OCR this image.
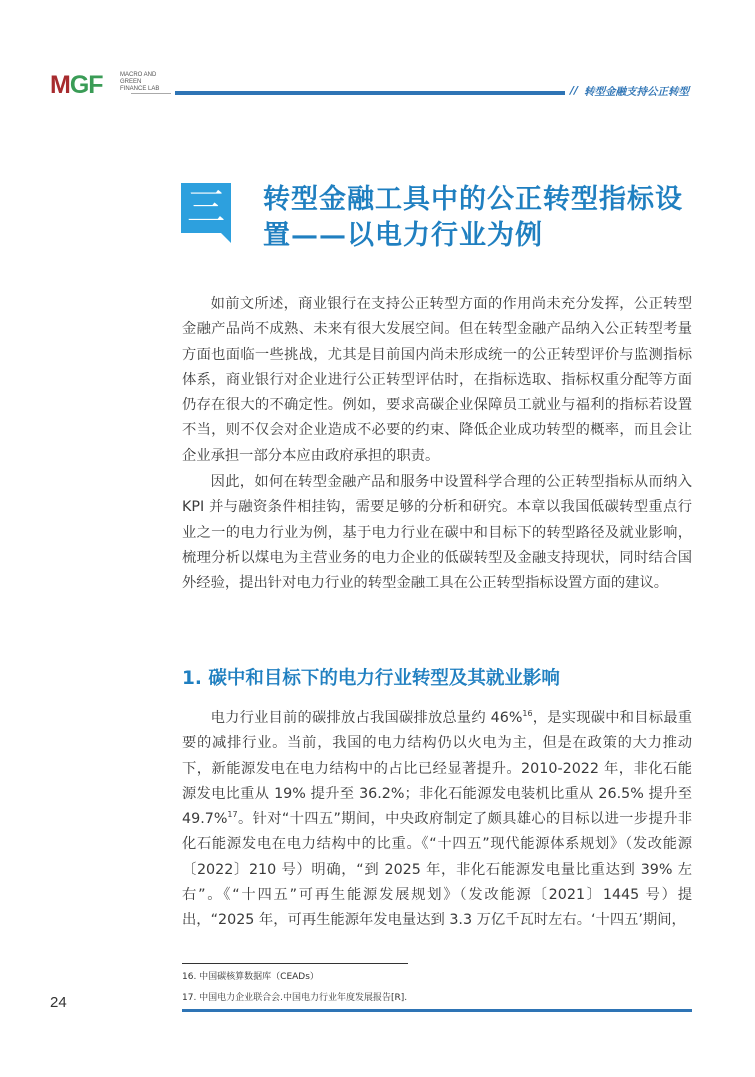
MGF	MACRO AND
GREEN
FINANCE LAB	// 转型金融支持公正转型
三 转型金融工具中的公正转型指标设置——以电力行业为例
如前文所述，商业银行在支持公正转型方面的作用尚未充分发挥，公正转型金融产品尚不成熟、未来有很大发展空间。但在转型金融产品纳入公正转型考量方面也面临一些挑战，尤其是目前国内尚未形成统一的公正转型评价与监测指标体系，商业银行对企业进行公正转型评估时，在指标选取、指标权重分配等方面仍存在很大的不确定性。例如，要求高碳企业保障员工就业与福利的指标若设置不当，则不仅会对企业造成不必要的约束、降低企业成功转型的概率，而且会让企业承担一部分本应由政府承担的职责。
因此，如何在转型金融产品和服务中设置科学合理的公正转型指标从而纳入 KPI 并与融资条件相挂钩，需要足够的分析和研究。本章以我国低碳转型重点行业之一的电力行业为例，基于电力行业在碳中和目标下的转型路径及就业影响，梳理分析以煤电为主营业务的电力企业的低碳转型及金融支持现状，同时结合国外经验，提出针对电力行业的转型金融工具在公正转型指标设置方面的建议。
1. 碳中和目标下的电力行业转型及其就业影响
电力行业目前的碳排放占我国碳排放总量约 46%$^{16}$，是实现碳中和目标最重要的减排行业。当前，我国的电力结构仍以火电为主，但是在政策的大力推动下，新能源发电在电力结构中的占比已经显著提升。2010-2022 年，非化石能源发电比重从 19% 提升至 36.2%；非化石能源发电装机比重从 26.5% 提升至 49.7%$^{17}$。针对“十四五”期间，中央政府制定了颇具雄心的目标以进一步提升非化石能源发电在电力结构中的比重。《“十四五”现代能源体系规划》（发改能源〔2022〕210 号）明确，“到 2025 年，非化石能源发电量比重达到 39% 左右”。《“十四五”可再生能源发展规划》（发改能源〔2021〕1445 号）提出，“2025 年，可再生能源年发电量达到 3.3 万亿千瓦时左右。‘十四五’期间，
16. 中国碳核算数据库（CEADs）
17. 中国电力企业联合会.中国电力行业年度发展报告[R].
24
